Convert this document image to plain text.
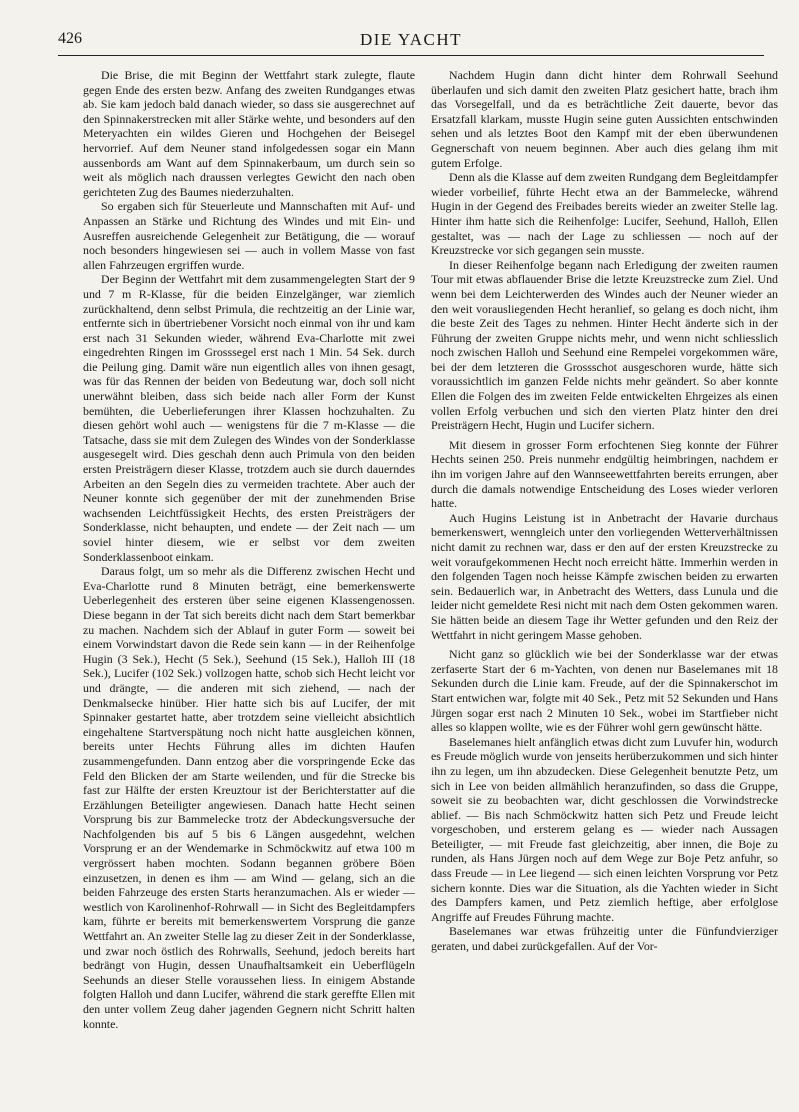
426	DIE YACHT

Die Brise, die mit Beginn der Wettfahrt stark zulegte, flaute gegen Ende des ersten bezw. Anfang des zweiten Rundganges etwas ab. Sie kam jedoch bald danach wieder, so dass sie ausgerechnet auf den Spinnakerstrecken mit aller Stärke wehte, und besonders auf den Meteryachten ein wildes Gieren und Hochgehen der Beisegel hervorrief. Auf dem Neuner stand infolgedessen sogar ein Mann aussenbords am Want auf dem Spinnakerbaum, um durch sein so weit als möglich nach draussen verlegtes Gewicht den nach oben gerichteten Zug des Baumes niederzuhalten.

So ergaben sich für Steuerleute und Mannschaften mit Auf- und Anpassen an Stärke und Richtung des Windes und mit Ein- und Ausreffen ausreichende Gelegenheit zur Betätigung, die — worauf noch besonders hingewiesen sei — auch in vollem Masse von fast allen Fahrzeugen ergriffen wurde.

Der Beginn der Wettfahrt mit dem zusammengelegten Start der 9 und 7 m R-Klasse, für die beiden Einzelgänger, war ziemlich zurückhaltend, denn selbst Primula, die rechtzeitig an der Linie war, entfernte sich in übertriebener Vorsicht noch einmal von ihr und kam erst nach 31 Sekunden wieder, während Eva-Charlotte mit zwei eingedrehten Ringen im Grosssegel erst nach 1 Min. 54 Sek. durch die Peilung ging. Damit wäre nun eigentlich alles von ihnen gesagt, was für das Rennen der beiden von Bedeutung war, doch soll nicht unerwähnt bleiben, dass sich beide nach aller Form der Kunst bemühten, die Ueberlieferungen ihrer Klassen hochzuhalten. Zu diesen gehört wohl auch — wenigstens für die 7 m-Klasse — die Tatsache, dass sie mit dem Zulegen des Windes von der Sonderklasse ausgesegelt wird. Dies geschah denn auch Primula von den beiden ersten Preisträgern dieser Klasse, trotzdem auch sie durch dauerndes Arbeiten an den Segeln dies zu vermeiden trachtete. Aber auch der Neuner konnte sich gegenüber der mit der zunehmenden Brise wachsenden Leichtfüssigkeit Hechts, des ersten Preisträgers der Sonderklasse, nicht behaupten, und endete — der Zeit nach — um soviel hinter diesem, wie er selbst vor dem zweiten Sonderklassenboot einkam.

Daraus folgt, um so mehr als die Differenz zwischen Hecht und Eva-Charlotte rund 8 Minuten beträgt, eine bemerkenswerte Ueberlegenheit des ersteren über seine eigenen Klassengenossen. Diese begann in der Tat sich bereits dicht nach dem Start bemerkbar zu machen. Nachdem sich der Ablauf in guter Form — soweit bei einem Vorwindstart davon die Rede sein kann — in der Reihenfolge Hugin (3 Sek.), Hecht (5 Sek.), Seehund (15 Sek.), Halloh III (18 Sek.), Lucifer (102 Sek.) vollzogen hatte, schob sich Hecht leicht vor und drängte, — die anderen mit sich ziehend, — nach der Denkmalsecke hinüber. Hier hatte sich bis auf Lucifer, der mit Spinnaker gestartet hatte, aber trotzdem seine vielleicht absichtlich eingehaltene Startverspätung noch nicht hatte ausgleichen können, bereits unter Hechts Führung alles im dichten Haufen zusammengefunden. Dann entzog aber die vorspringende Ecke das Feld den Blicken der am Starte weilenden, und für die Strecke bis fast zur Hälfte der ersten Kreuztour ist der Berichterstatter auf die Erzählungen Beteiligter angewiesen. Danach hatte Hecht seinen Vorsprung bis zur Bammelecke trotz der Abdeckungsversuche der Nachfolgenden bis auf 5 bis 6 Längen ausgedehnt, welchen Vorsprung er an der Wendemarke in Schmöckwitz auf etwa 100 m vergrössert haben mochten. Sodann begannen gröbere Böen einzusetzen, in denen es ihm — am Wind — gelang, sich an die beiden Fahrzeuge des ersten Starts heranzumachen. Als er wieder — westlich von Karolinenhof-Rohrwall — in Sicht des Begleitdampfers kam, führte er bereits mit bemerkenswertem Vorsprung die ganze Wettfahrt an. An zweiter Stelle lag zu dieser Zeit in der Sonderklasse, und zwar noch östlich des Rohrwalls, Seehund, jedoch bereits hart bedrängt von Hugin, dessen Unaufhaltsamkeit ein Ueberflügeln Seehunds an dieser Stelle voraussehen liess. In einigem Abstande folgten Halloh und dann Lucifer, während die stark gereffte Ellen mit den unter vollem Zeug daher jagenden Gegnern nicht Schritt halten konnte.

Nachdem Hugin dann dicht hinter dem Rohrwall Seehund überlaufen und sich damit den zweiten Platz gesichert hatte, brach ihm das Vorsegelfall, und da es beträchtliche Zeit dauerte, bevor das Ersatzfall klarkam, musste Hugin seine guten Aussichten entschwinden sehen und als letztes Boot den Kampf mit der eben überwundenen Gegnerschaft von neuem beginnen. Aber auch dies gelang ihm mit gutem Erfolge.

Denn als die Klasse auf dem zweiten Rundgang dem Begleitdampfer wieder vorbeilief, führte Hecht etwa an der Bammelecke, während Hugin in der Gegend des Freibades bereits wieder an zweiter Stelle lag. Hinter ihm hatte sich die Reihenfolge: Lucifer, Seehund, Halloh, Ellen gestaltet, was — nach der Lage zu schliessen — noch auf der Kreuzstrecke vor sich gegangen sein musste.

In dieser Reihenfolge begann nach Erledigung der zweiten raumen Tour mit etwas abflauender Brise die letzte Kreuzstrecke zum Ziel. Und wenn bei dem Leichterwerden des Windes auch der Neuner wieder an den weit vorausliegenden Hecht heranlief, so gelang es doch nicht, ihm die beste Zeit des Tages zu nehmen. Hinter Hecht änderte sich in der Führung der zweiten Gruppe nichts mehr, und wenn nicht schliesslich noch zwischen Halloh und Seehund eine Rempelei vorgekommen wäre, bei der dem letzteren die Grossschot ausgeschoren wurde, hätte sich voraussichtlich im ganzen Felde nichts mehr geändert. So aber konnte Ellen die Folgen des im zweiten Felde entwickelten Ehrgeizes als einen vollen Erfolg verbuchen und sich den vierten Platz hinter den drei Preisträgern Hecht, Hugin und Lucifer sichern.

Mit diesem in grosser Form erfochtenen Sieg konnte der Führer Hechts seinen 250. Preis nunmehr endgültig heimbringen, nachdem er ihn im vorigen Jahre auf den Wannseewettfahrten bereits errungen, aber durch die damals notwendige Entscheidung des Loses wieder verloren hatte.

Auch Hugins Leistung ist in Anbetracht der Havarie durchaus bemerkenswert, wenngleich unter den vorliegenden Wetterverhältnissen nicht damit zu rechnen war, dass er den auf der ersten Kreuzstrecke zu weit voraufgekommenen Hecht noch erreicht hätte. Immerhin werden in den folgenden Tagen noch heisse Kämpfe zwischen beiden zu erwarten sein. Bedauerlich war, in Anbetracht des Wetters, dass Lunula und die leider nicht gemeldete Resi nicht mit nach dem Osten gekommen waren. Sie hätten beide an diesem Tage ihr Wetter gefunden und den Reiz der Wettfahrt in nicht geringem Masse gehoben.

Nicht ganz so glücklich wie bei der Sonderklasse war der etwas zerfaserte Start der 6 m-Yachten, von denen nur Baselemanes mit 18 Sekunden durch die Linie kam. Freude, auf der die Spinnakerschot im Start entwichen war, folgte mit 40 Sek., Petz mit 52 Sekunden und Hans Jürgen sogar erst nach 2 Minuten 10 Sek., wobei im Startfieber nicht alles so klappen wollte, wie es der Führer wohl gern gewünscht hätte.

Baselemanes hielt anfänglich etwas dicht zum Luvufer hin, wodurch es Freude möglich wurde von jenseits herüberzukommen und sich hinter ihn zu legen, um ihn abzudecken. Diese Gelegenheit benutzte Petz, um sich in Lee von beiden allmählich heranzufinden, so dass die Gruppe, soweit sie zu beobachten war, dicht geschlossen die Vorwindstrecke ablief. — Bis nach Schmöckwitz hatten sich Petz und Freude leicht vorgeschoben, und ersterem gelang es — wieder nach Aussagen Beteiligter, — mit Freude fast gleichzeitig, aber innen, die Boje zu runden, als Hans Jürgen noch auf dem Wege zur Boje Petz anfuhr, so dass Freude — in Lee liegend — sich einen leichten Vorsprung vor Petz sichern konnte. Dies war die Situation, als die Yachten wieder in Sicht des Dampfers kamen, und Petz ziemlich heftige, aber erfolglose Angriffe auf Freudes Führung machte.

Baselemanes war etwas frühzeitig unter die Fünfundvierziger geraten, und dabei zurückgefallen. Auf der Vor-
